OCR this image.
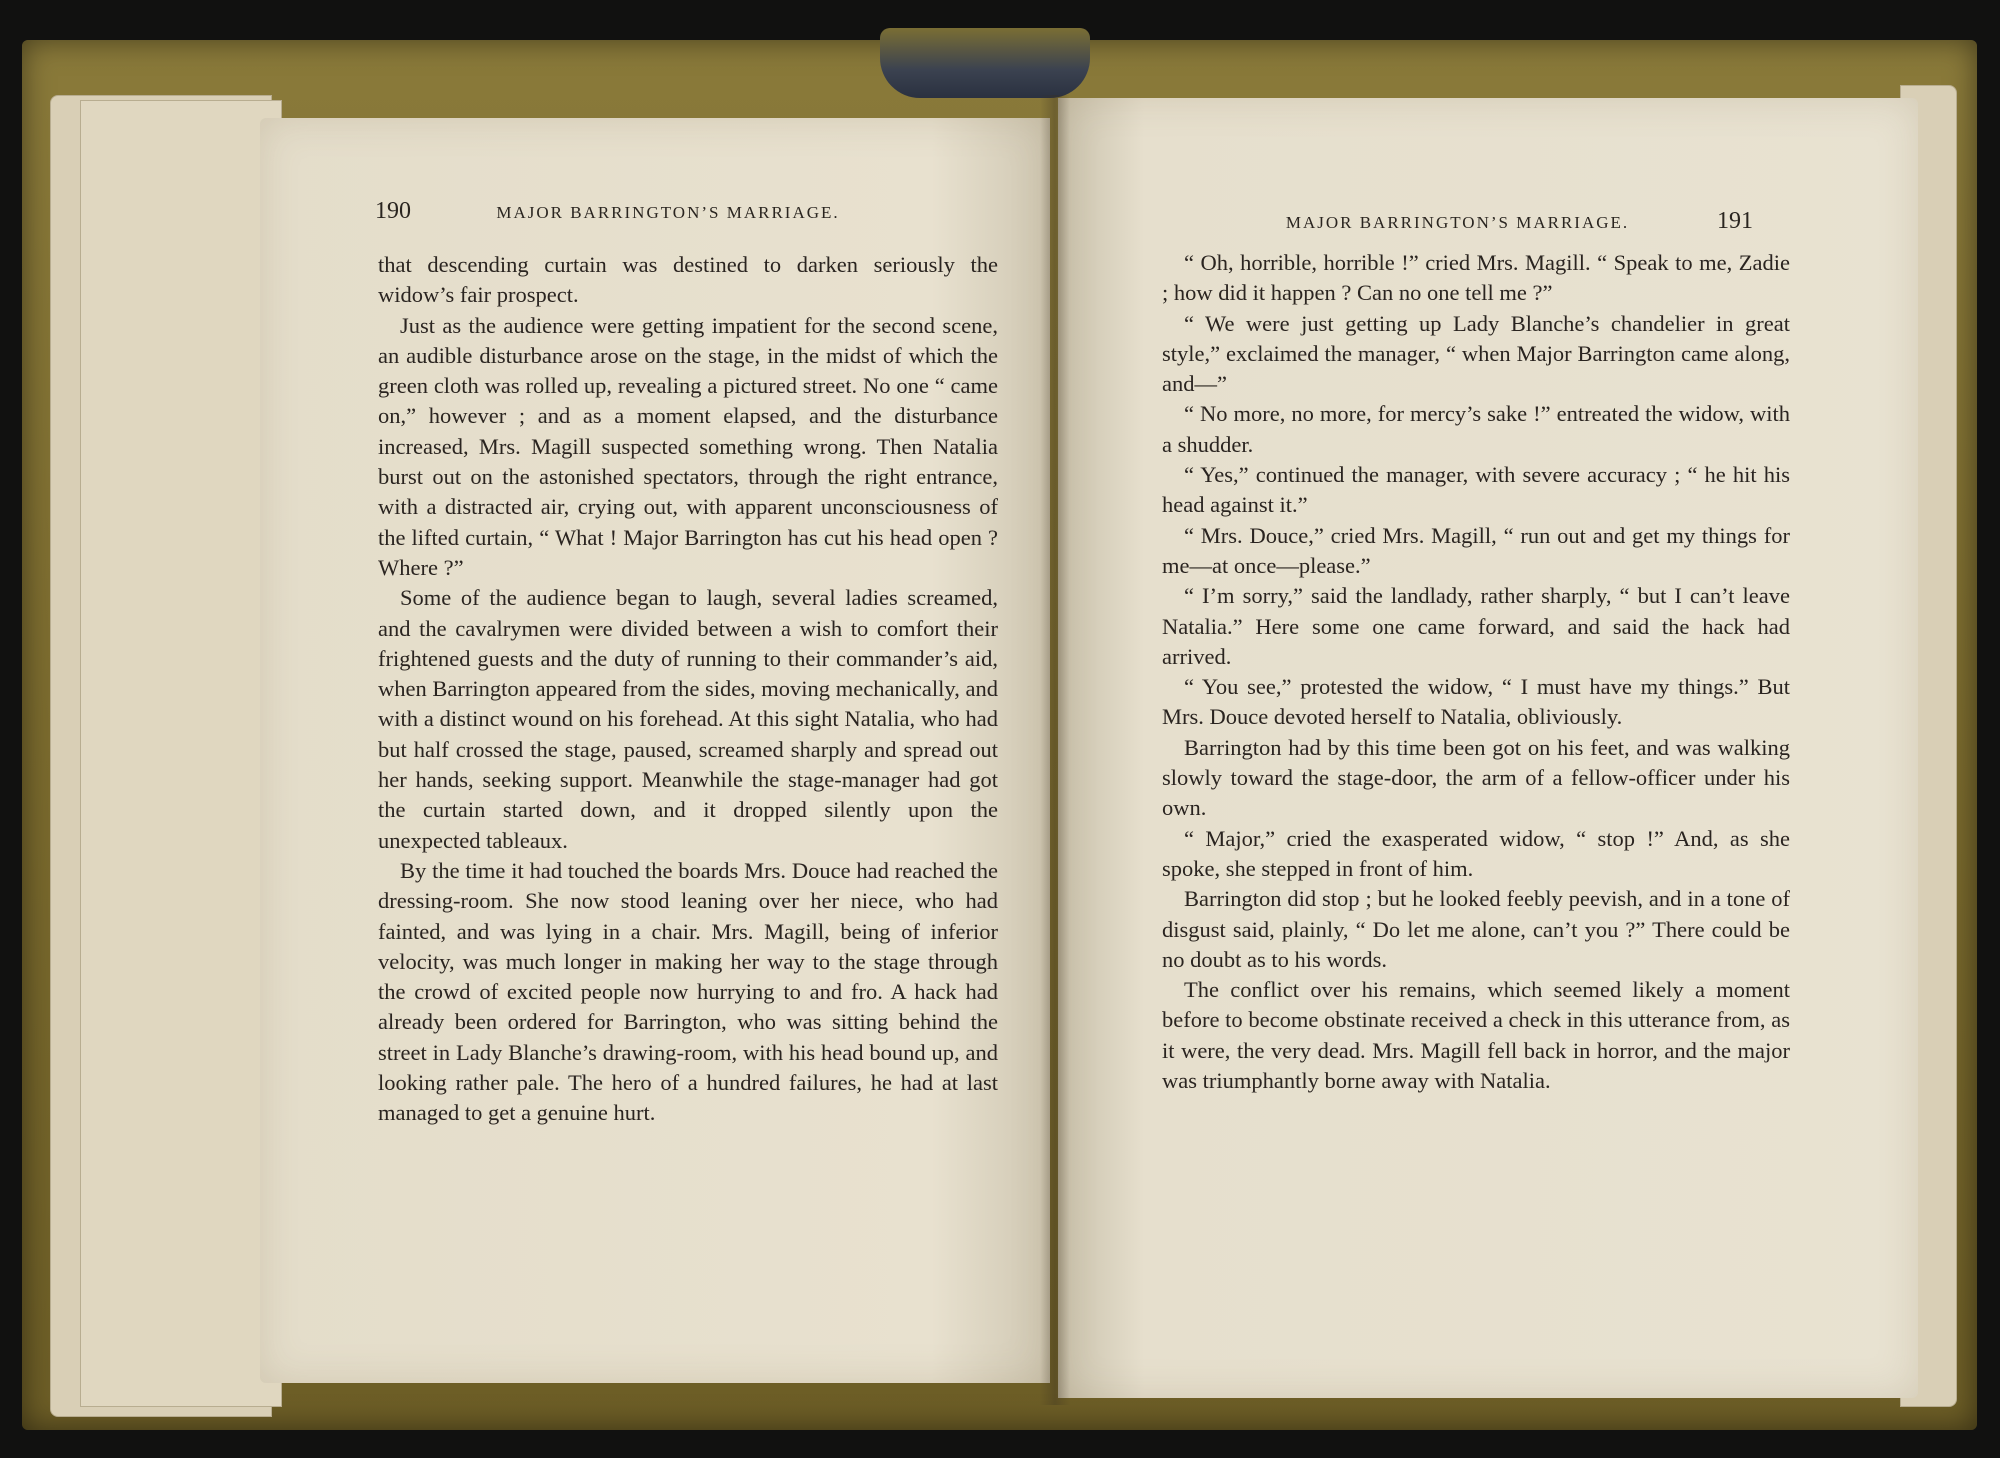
190	MAJOR BARRINGTON’S MARRIAGE.

that descending curtain was destined to darken seriously the widow’s fair prospect.

Just as the audience were getting impatient for the second scene, an audible disturbance arose on the stage, in the midst of which the green cloth was rolled up, revealing a pictured street. No one “ came on,” however ; and as a moment elapsed, and the disturbance increased, Mrs. Magill suspected something wrong. Then Natalia burst out on the astonished spectators, through the right entrance, with a distracted air, crying out, with apparent unconsciousness of the lifted curtain, “ What ! Major Barrington has cut his head open ? Where ?”

Some of the audience began to laugh, several ladies screamed, and the cavalrymen were divided between a wish to comfort their frightened guests and the duty of running to their commander’s aid, when Barrington appeared from the sides, moving mechanically, and with a distinct wound on his forehead. At this sight Natalia, who had but half crossed the stage, paused, screamed sharply and spread out her hands, seeking support. Meanwhile the stage-manager had got the curtain started down, and it dropped silently upon the unexpected tableaux.

By the time it had touched the boards Mrs. Douce had reached the dressing-room. She now stood leaning over her niece, who had fainted, and was lying in a chair. Mrs. Magill, being of inferior velocity, was much longer in making her way to the stage through the crowd of excited people now hurrying to and fro. A hack had already been ordered for Barrington, who was sitting behind the street in Lady Blanche’s drawing-room, with his head bound up, and looking rather pale. The hero of a hundred failures, he had at last managed to get a genuine hurt.

MAJOR BARRINGTON’S MARRIAGE.	191

“ Oh, horrible, horrible !” cried Mrs. Magill. “ Speak to me, Zadie ; how did it happen ? Can no one tell me ?”

“ We were just getting up Lady Blanche’s chandelier in great style,” exclaimed the manager, “ when Major Barrington came along, and—”

“ No more, no more, for mercy’s sake !” entreated the widow, with a shudder.

“ Yes,” continued the manager, with severe accuracy ; “ he hit his head against it.”

“ Mrs. Douce,” cried Mrs. Magill, “ run out and get my things for me—at once—please.”

“ I’m sorry,” said the landlady, rather sharply, “ but I can’t leave Natalia.” Here some one came forward, and said the hack had arrived.

“ You see,” protested the widow, “ I must have my things.” But Mrs. Douce devoted herself to Natalia, obliviously.

Barrington had by this time been got on his feet, and was walking slowly toward the stage-door, the arm of a fellow-officer under his own.

“ Major,” cried the exasperated widow, “ stop !” And, as she spoke, she stepped in front of him.

Barrington did stop ; but he looked feebly peevish, and in a tone of disgust said, plainly, “ Do let me alone, can’t you ?” There could be no doubt as to his words.

The conflict over his remains, which seemed likely a moment before to become obstinate received a check in this utterance from, as it were, the very dead. Mrs. Magill fell back in horror, and the major was triumphantly borne away with Natalia.
